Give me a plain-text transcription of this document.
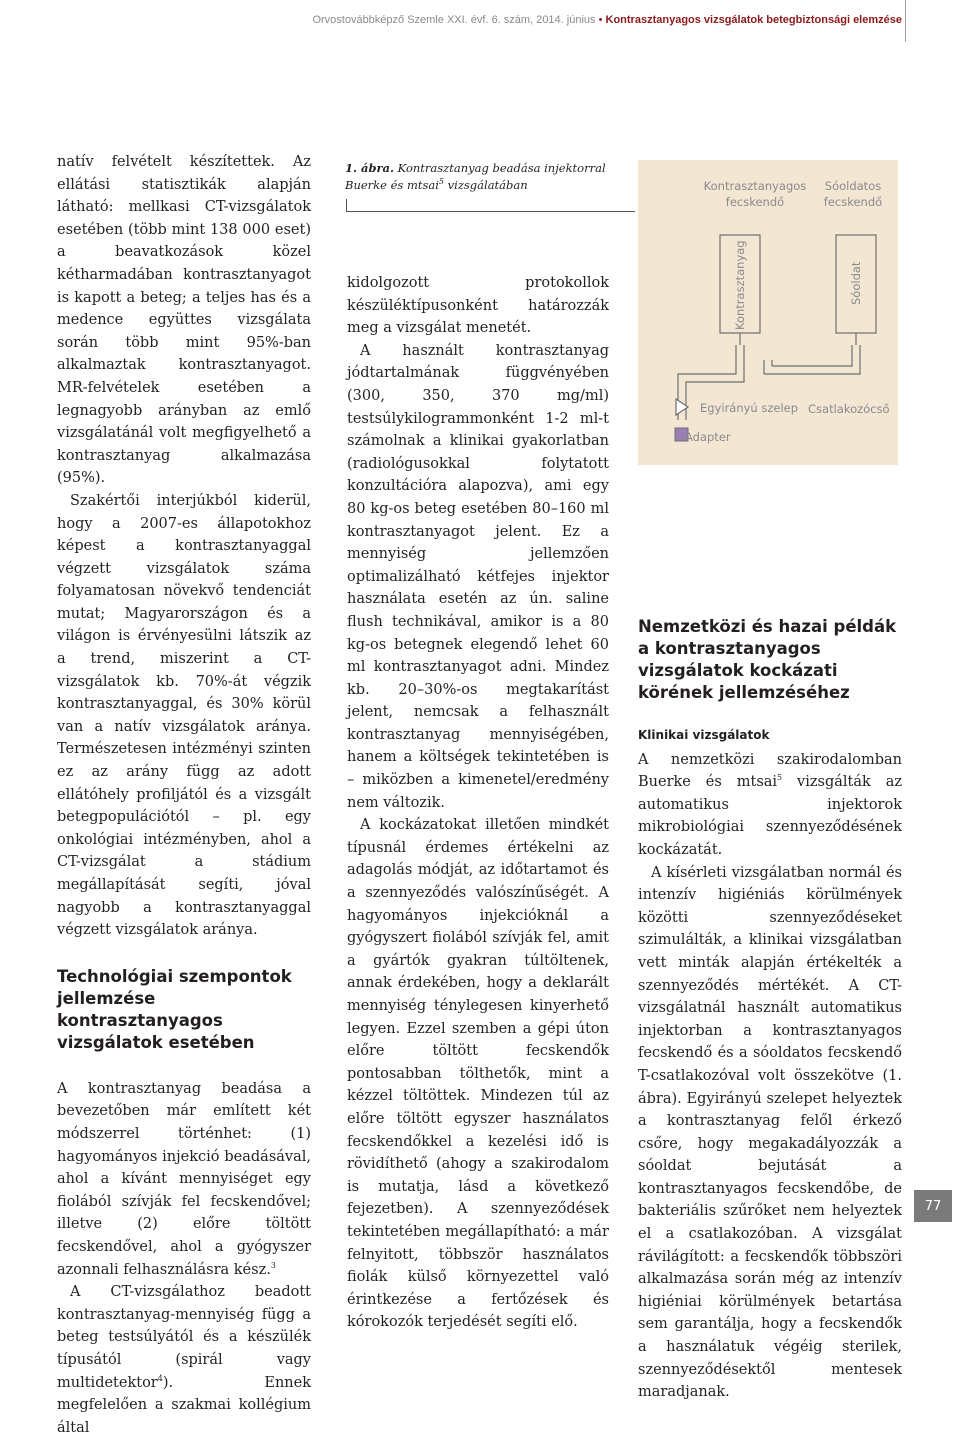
Orvostovábbképző Szemle XXI. évf. 6. szám, 2014. június • Kontrasztanyagos vizsgálatok betegbiztonsági elemzése

natív felvételt készítettek. Az ellátási statisztikák alapján látható: mellkasi CT-vizsgálatok esetében (több mint 138 000 eset) a beavatkozások közel kétharmadában kontrasztanyagot is kapott a beteg; a teljes has és a medence együttes vizsgálata során több mint 95%-ban alkalmaztak kontrasztanyagot. MR-felvételek esetében a legnagyobb arányban az emlő vizsgálatánál volt megfigyelhető a kontrasztanyag alkalmazása (95%).

Szakértői interjúkból kiderül, hogy a 2007-es állapotokhoz képest a kontrasztanyaggal végzett vizsgálatok száma folyamatosan növekvő tendenciát mutat; Magyarországon és a világon is érvényesülni látszik az a trend, miszerint a CT-vizsgálatok kb. 70%-át végzik kontrasztanyaggal, és 30% körül van a natív vizsgálatok aránya. Természetesen intézményi szinten ez az arány függ az adott ellátóhely profiljától és a vizsgált betegpopulációtól – pl. egy onkológiai intézményben, ahol a CT-vizsgálat a stádium megállapítását segíti, jóval nagyobb a kontrasztanyaggal végzett vizsgálatok aránya.

Technológiai szempontok jellemzése kontrasztanyagos vizsgálatok esetében

A kontrasztanyag beadása a bevezetőben már említett két módszerrel történhet: (1) hagyományos injekció beadásával, ahol a kívánt mennyiséget egy fiolából szívják fel fecskendővel; illetve (2) előre töltött fecskendővel, ahol a gyógyszer azonnali felhasználásra kész.$^3$

A CT-vizsgálathoz beadott kontrasztanyag-mennyiség függ a beteg testsúlyától és a készülék típusától (spirál vagy multidetektor$^4$). Ennek megfelelően a szakmai kollégium által

1. ábra. Kontrasztanyag beadása injektorral Buerke és mtsai$^5$ vizsgálatában	Kontrasztanyagos
fecskendő
Sóoldatos
fecskendő
Kontrasztanyag	Sóoldat
Egyirányú szelep
Adapter
Csatlakozócső

kidolgozott protokollok készüléktípusonként határozzák meg a vizsgálat menetét.

A használt kontrasztanyag jódtartalmának függvényében (300, 350, 370 mg/ml) testsúlykilogrammonként 1-2 ml-t számolnak a klinikai gyakorlatban (radiológusokkal folytatott konzultációra alapozva), ami egy 80 kg-os beteg esetében 80–160 ml kontrasztanyagot jelent. Ez a mennyiség jellemzően optimalizálható kétfejes injektor használata esetén az ún. saline flush technikával, amikor is a 80 kg-os betegnek elegendő lehet 60 ml kontrasztanyagot adni. Mindez kb. 20–30%-os megtakarítást jelent, nemcsak a felhasznált kontrasztanyag mennyiségében, hanem a költségek tekintetében is – miközben a kimenetel/eredmény nem változik.

A kockázatokat illetően mindkét típusnál érdemes értékelni az adagolás módját, az időtartamot és a szennyeződés valószínűségét. A hagyományos injekcióknál a gyógyszert fiolából szívják fel, amit a gyártók gyakran túltöltenek, annak érdekében, hogy a deklarált mennyiség ténylegesen kinyerhető legyen. Ezzel szemben a gépi úton előre töltött fecskendők pontosabban tölthetők, mint a kézzel töltöttek. Mindezen túl az előre töltött egyszer használatos fecskendőkkel a kezelési idő is rövidíthető (ahogy a szakirodalom is mutatja, lásd a következő fejezetben). A szennyeződések tekintetében megállapítható: a már felnyitott, többször használatos fiolák külső környezettel való érintkezése a fertőzések és kórokozók terjedését segíti elő.

Nemzetközi és hazai példák a kontrasztanyagos vizsgálatok kockázati körének jellemzéséhez
Klinikai vizsgálatok

A nemzetközi szakirodalomban Buerke és mtsai$^5$ vizsgálták az automatikus injektorok mikrobiológiai szennyeződésének kockázatát.

A kísérleti vizsgálatban normál és intenzív higiéniás körülmények közötti szennyeződéseket szimulálták, a klinikai vizsgálatban vett minták alapján értékelték a szennyeződés mértékét. A CT-vizsgálatnál használt automatikus injektorban a kontrasztanyagos fecskendő és a sóoldatos fecskendő T-csatlakozóval volt összekötve (1. ábra). Egyirányú szelepet helyeztek a kontrasztanyag felől érkező csőre, hogy megakadályozzák a sóoldat bejutását a kontrasztanyagos fecskendőbe, de bakteriális szűrőket nem helyeztek el a csatlakozóban. A vizsgálat rávilágított: a fecskendők többszöri alkalmazása során még az intenzív higiéniai körülmények betartása sem garantálja, hogy a fecskendők a használatuk végéig sterilek, szennyeződésektől mentesek maradjanak.

77
